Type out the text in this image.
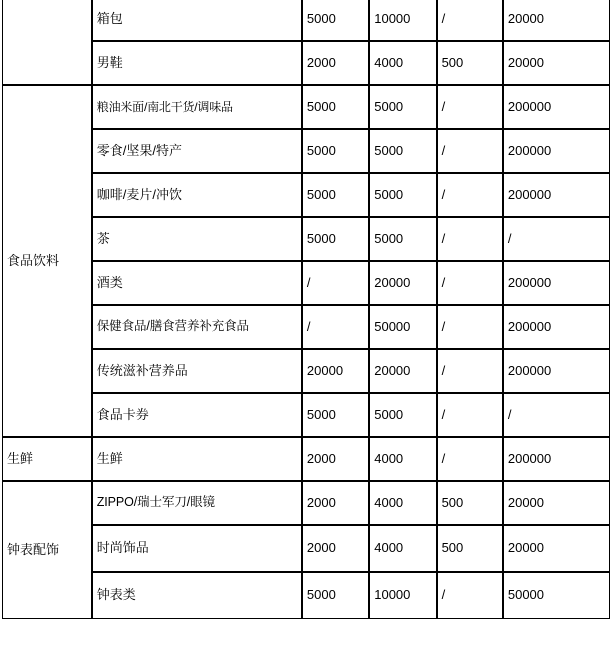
	箱包	5000	10000	/	20000
	男鞋	2000	4000	500	20000
食品饮料	粮油米面/南北干货/调味品	5000	5000	/	200000
	零食/坚果/特产	5000	5000	/	200000
	咖啡/麦片/冲饮	5000	5000	/	200000
	茶	5000	5000	/	/
	酒类	/	20000	/	200000
	保健食品/膳食营养补充食品	/	50000	/	200000
	传统滋补营养品	20000	20000	/	200000
	食品卡券	5000	5000	/	/
生鲜	生鲜	2000	4000	/	200000
钟表配饰	ZIPPO/瑞士军刀/眼镜	2000	4000	500	20000
	时尚饰品	2000	4000	500	20000
	钟表类	5000	10000	/	50000
